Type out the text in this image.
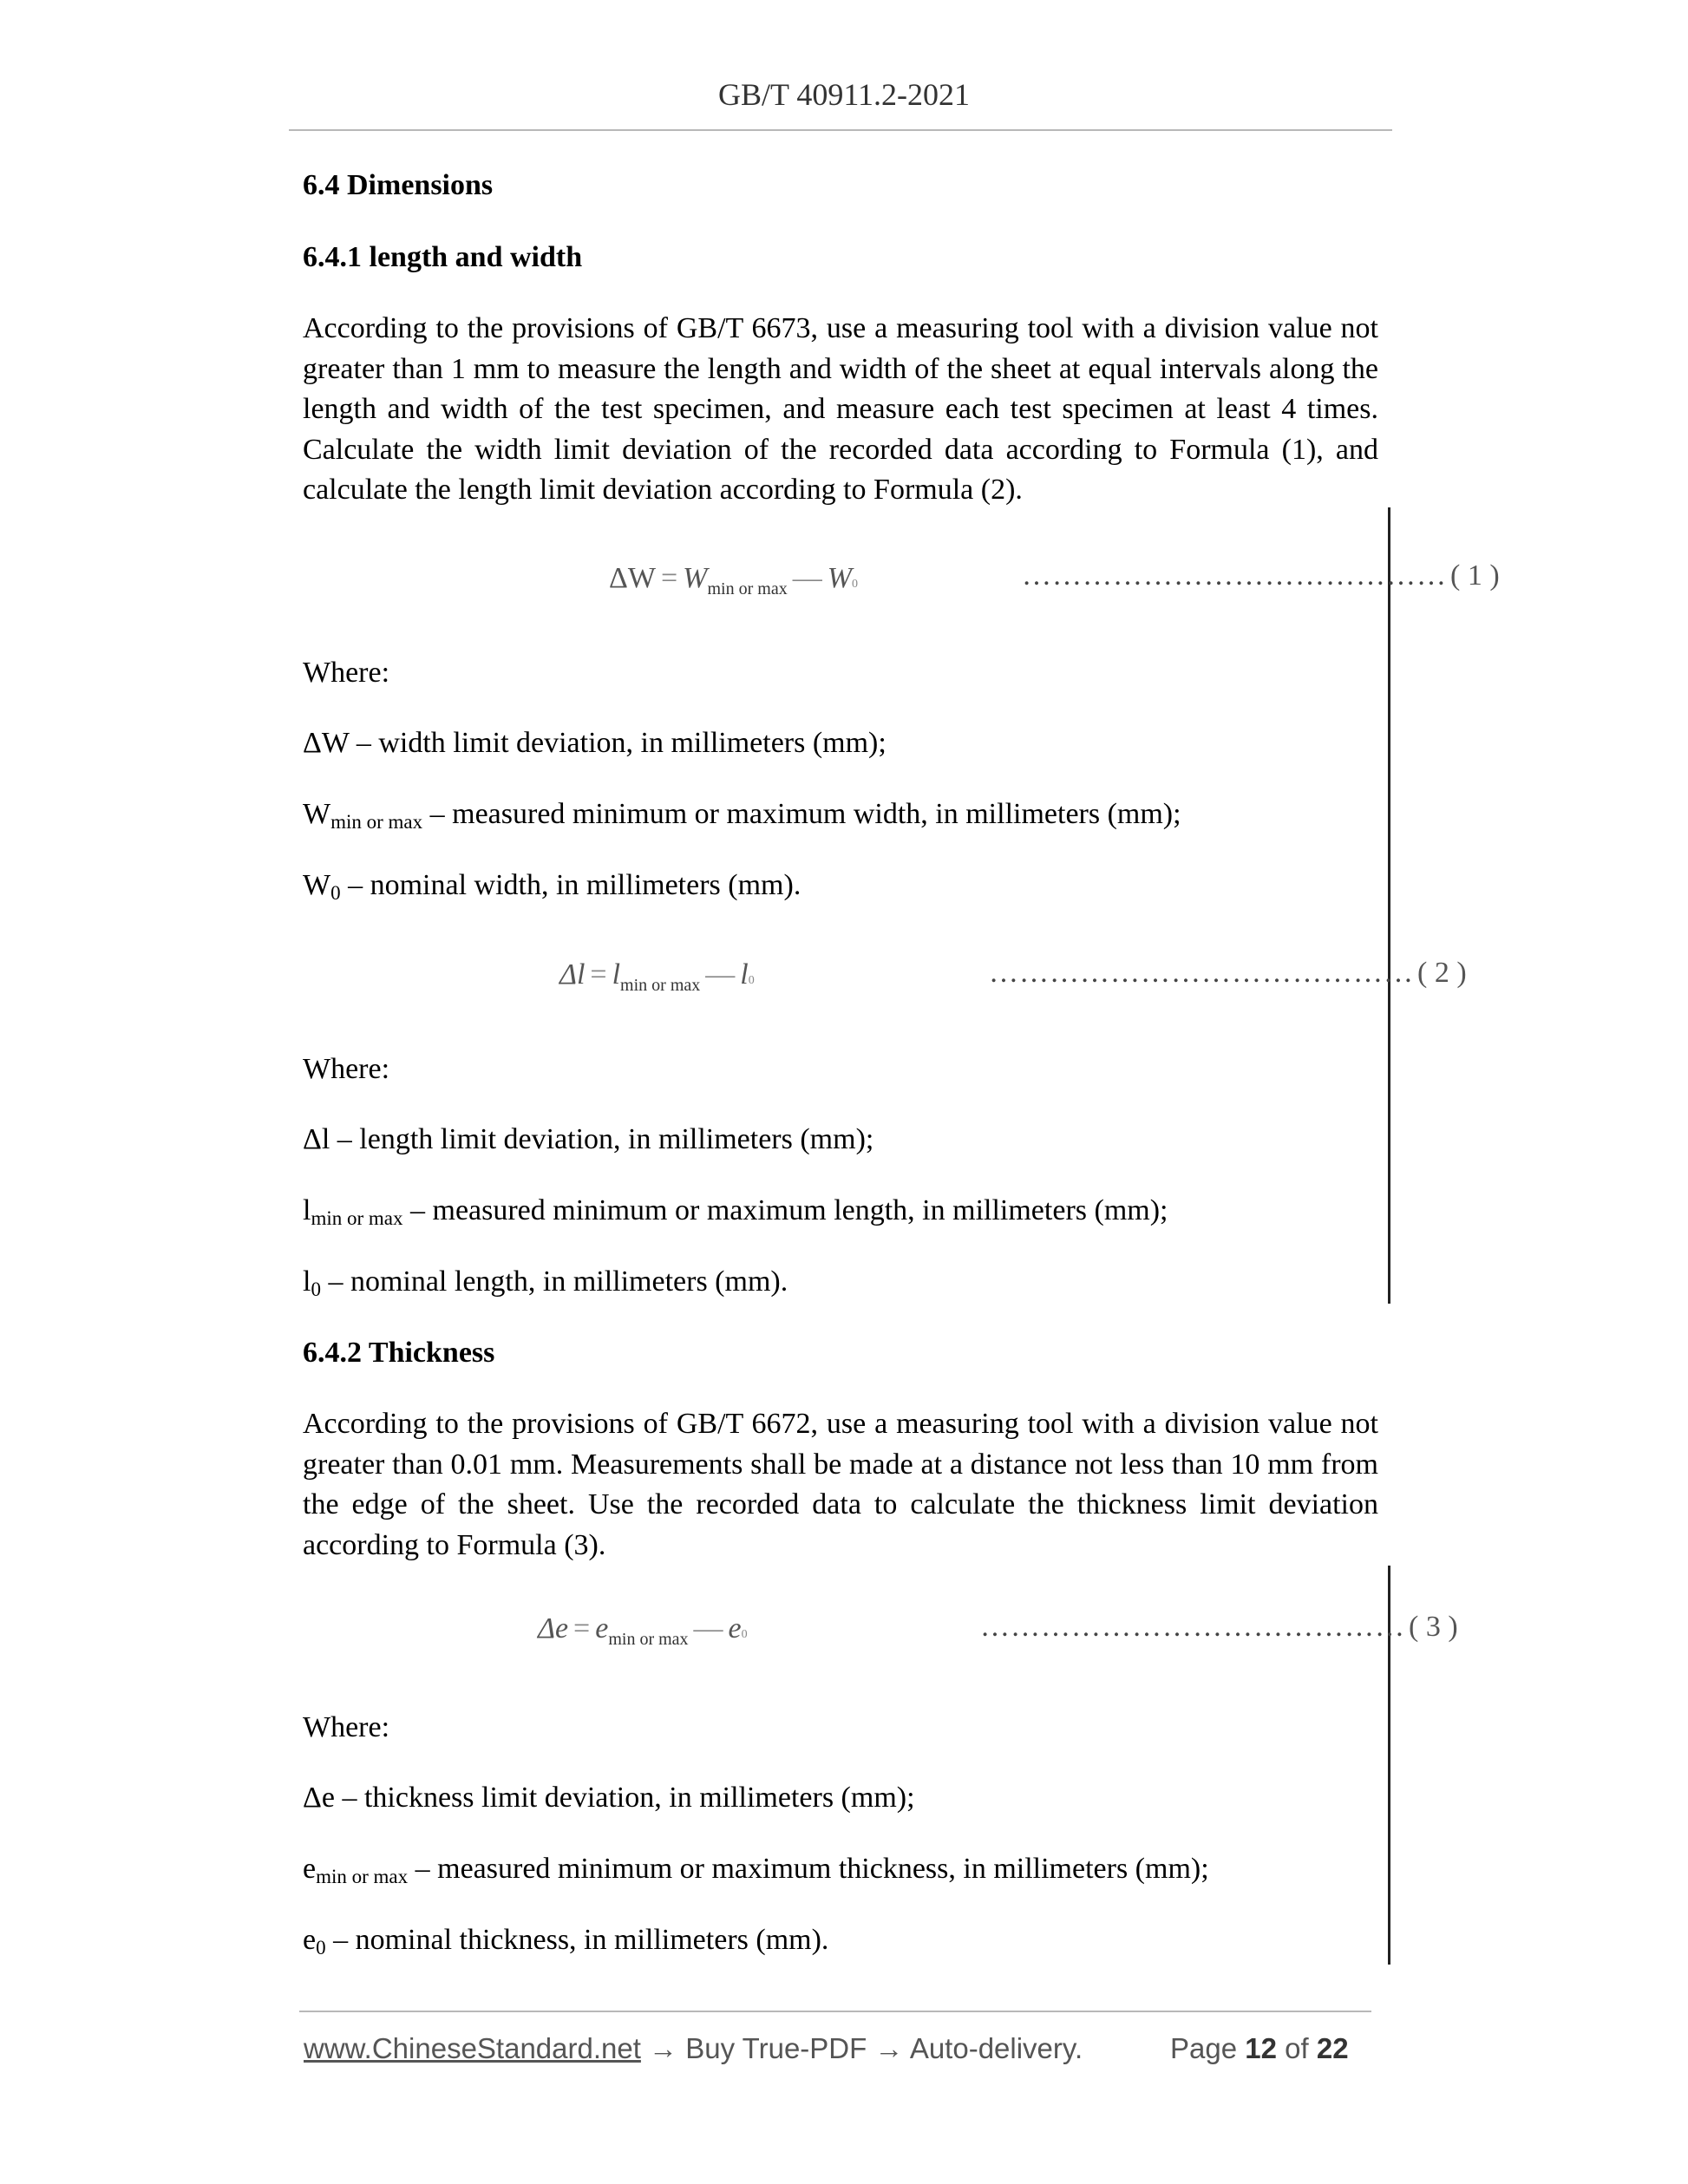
GB/T 40911.2-2021
6.4 Dimensions
6.4.1 length and width
According to the provisions of GB/T 6673, use a measuring tool with a division value not greater than 1 mm to measure the length and width of the sheet at equal intervals along the length and width of the test specimen, and measure each test specimen at least 4 times. Calculate the width limit deviation of the recorded data according to Formula (1), and calculate the length limit deviation according to Formula (2).
$\Delta W = W_{min or max}$ — W0	…………………………………… ( 1 )
Where:
ΔW – width limit deviation, in millimeters (mm);
$W_{min or max}$ – measured minimum or maximum width, in millimeters (mm);
$W_0$ – nominal width, in millimeters (mm).
$\Delta l = l_{min or max}$ — l0	…………………………………… ( 2 )
Where:
Δl – length limit deviation, in millimeters (mm);
$l_{min or max}$ – measured minimum or maximum length, in millimeters (mm);
$l_0$ – nominal length, in millimeters (mm).
6.4.2 Thickness
According to the provisions of GB/T 6672, use a measuring tool with a division value not greater than 0.01 mm. Measurements shall be made at a distance not less than 10 mm from the edge of the sheet. Use the recorded data to calculate the thickness limit deviation according to Formula (3).
$\Delta e = e_{min or max}$ — e0	…………………………………… ( 3 )
Where:
Δe – thickness limit deviation, in millimeters (mm);
$e_{min or max}$ – measured minimum or maximum thickness, in millimeters (mm);
$e_0$ – nominal thickness, in millimeters (mm).
www.ChineseStandard.net → Buy True-PDF → Auto-delivery.	Page 12 of 22
